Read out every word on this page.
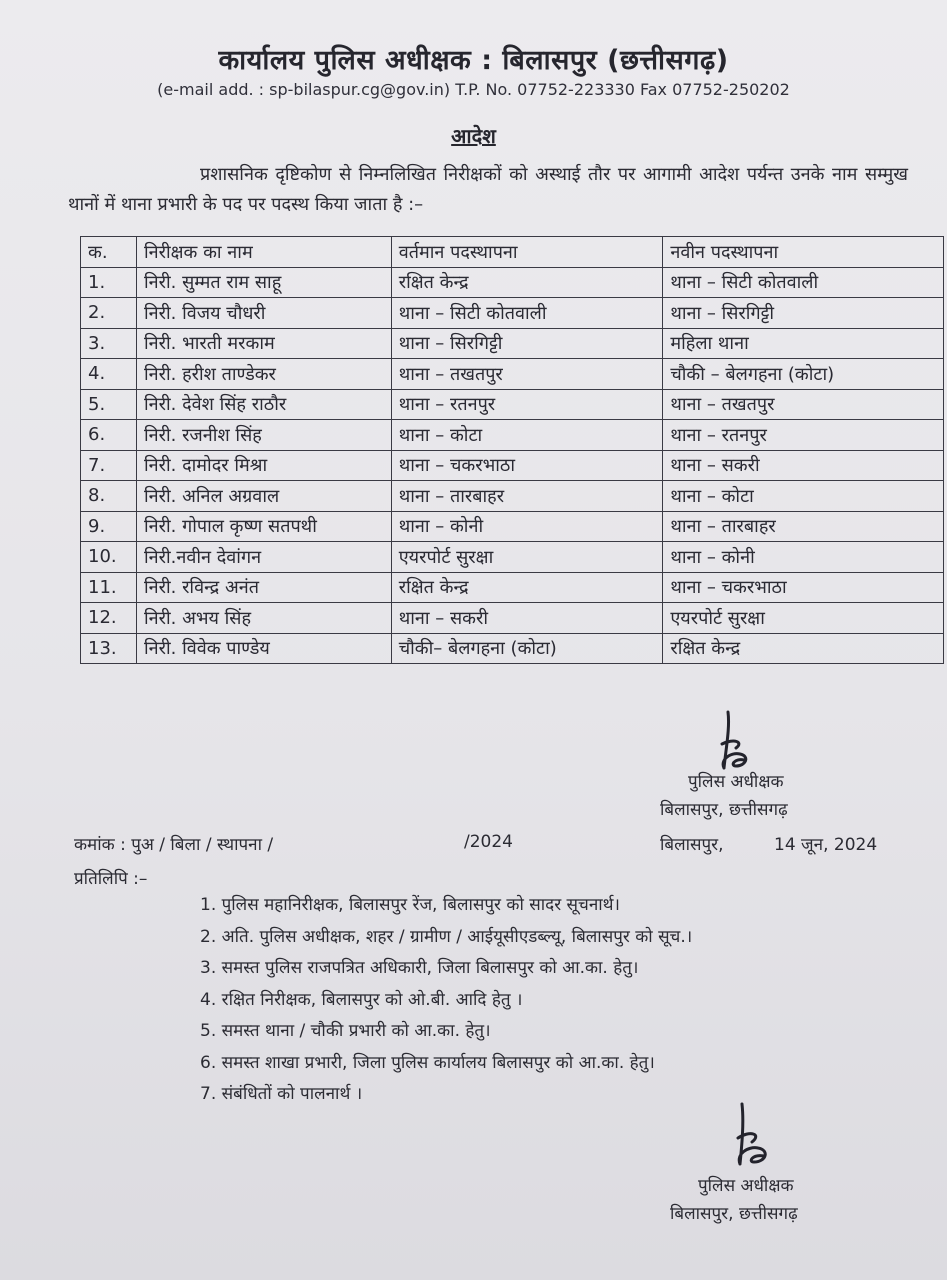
कार्यालय पुलिस अधीक्षक : बिलासपुर (छत्तीसगढ़)
(e-mail add. : sp-bilaspur.cg@gov.in) T.P. No. 07752-223330 Fax 07752-250202
आदेश
प्रशासनिक दृष्टिकोण से निम्नलिखित निरीक्षकों को अस्थाई तौर पर आगामी आदेश पर्यन्त उनके नाम सम्मुख थानों में थाना प्रभारी के पद पर पदस्थ किया जाता है :–
क.	निरीक्षक का नाम	वर्तमान पदस्थापना	नवीन पदस्थापना
1.	निरी. सुम्मत राम साहू	रक्षित केन्द्र	थाना – सिटी कोतवाली
2.	निरी. विजय चौधरी	थाना – सिटी कोतवाली	थाना – सिरगिट्टी
3.	निरी. भारती मरकाम	थाना – सिरगिट्टी	महिला थाना
4.	निरी. हरीश ताण्डेकर	थाना – तखतपुर	चौकी – बेलगहना (कोटा)
5.	निरी. देवेश सिंह राठौर	थाना – रतनपुर	थाना – तखतपुर
6.	निरी. रजनीश सिंह	थाना – कोटा	थाना – रतनपुर
7.	निरी. दामोदर मिश्रा	थाना – चकरभाठा	थाना – सकरी
8.	निरी. अनिल अग्रवाल	थाना – तारबाहर	थाना – कोटा
9.	निरी. गोपाल कृष्ण सतपथी	थाना – कोनी	थाना – तारबाहर
10.	निरी.नवीन देवांगन	एयरपोर्ट सुरक्षा	थाना – कोनी
11.	निरी. रविन्द्र अनंत	रक्षित केन्द्र	थाना – चकरभाठा
12.	निरी. अभय सिंह	थाना – सकरी	एयरपोर्ट सुरक्षा
13.	निरी. विवेक पाण्डेय	चौकी– बेलगहना (कोटा)	रक्षित केन्द्र
पुलिस अधीक्षक
बिलासपुर, छत्तीसगढ़
कमांक : पुअ / बिला / स्थापना /	/2024	बिलासपुर,	14 जून, 2024
प्रतिलिपि :–
1. पुलिस महानिरीक्षक, बिलासपुर रेंज, बिलासपुर को सादर सूचनार्थ।
2. अति. पुलिस अधीक्षक, शहर / ग्रामीण / आईयूसीएडब्ल्यू, बिलासपुर को सूच.।
3. समस्त पुलिस राजपत्रित अधिकारी, जिला बिलासपुर को आ.का. हेतु।
4. रक्षित निरीक्षक, बिलासपुर को ओ.बी. आदि हेतु ।
5. समस्त थाना / चौकी प्रभारी को आ.का. हेतु।
6. समस्त शाखा प्रभारी, जिला पुलिस कार्यालय बिलासपुर को आ.का. हेतु।
7. संबंधितों को पालनार्थ ।
पुलिस अधीक्षक
बिलासपुर, छत्तीसगढ़
